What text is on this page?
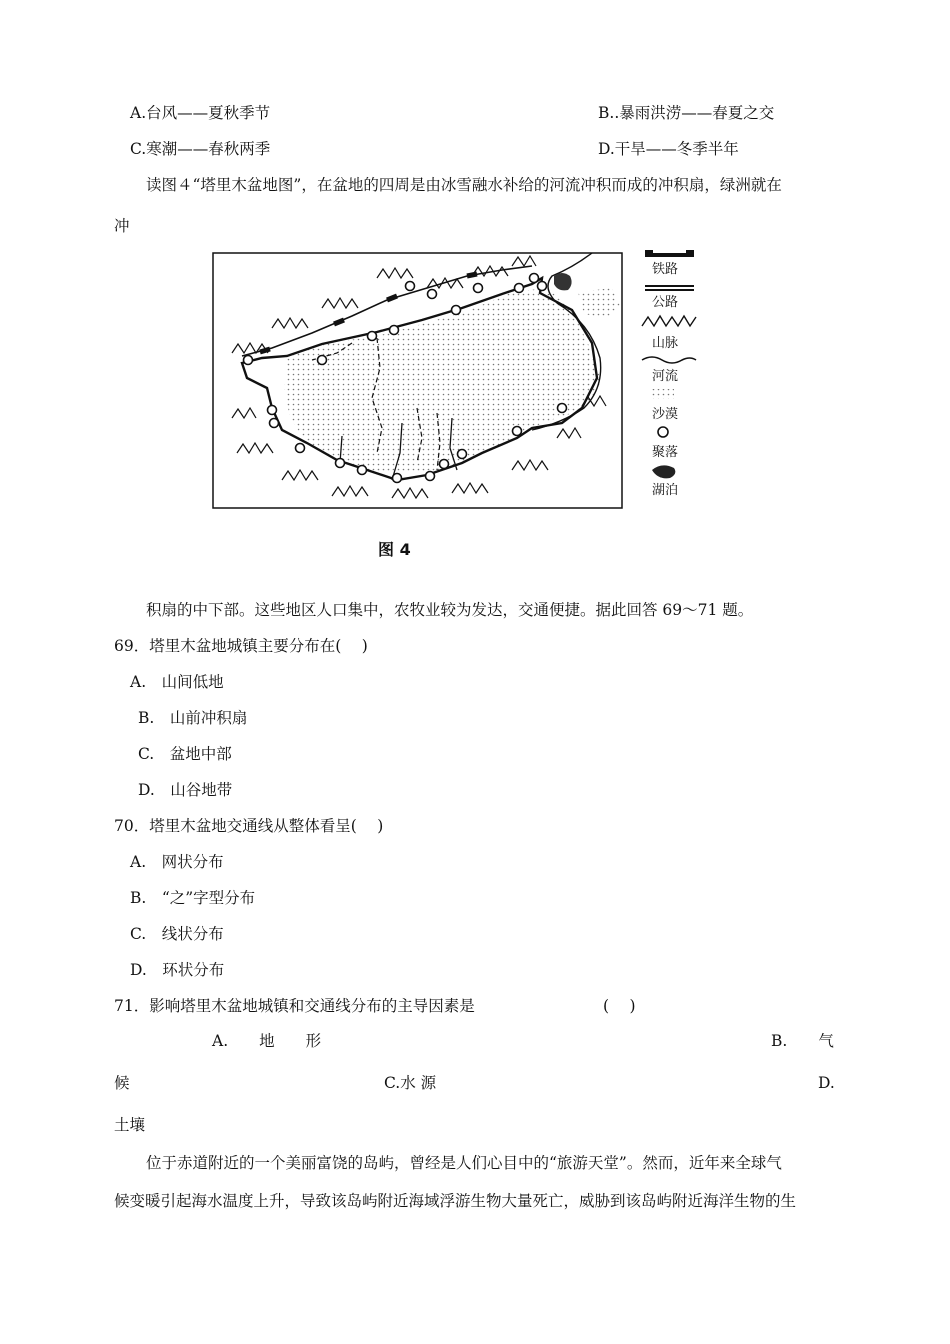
A.台风——夏秋季节	B..暴雨洪涝——春夏之交
C.寒潮——春秋两季	D.干旱——冬季半年
读图４“塔里木盆地图”，在盆地的四周是由冰雪融水补给的河流冲积而成的冲积扇，绿洲就在
冲
铁路
公路
山脉
河流
沙漠
聚落
湖泊
图 4
积扇的中下部。这些地区人口集中，农牧业较为发达，交通便捷。据此回答 69～71 题。
69．塔里木盆地城镇主要分布在(　 )
A.　山间低地
B.　山前冲积扇
C.　盆地中部
D.　山谷地带
70．塔里木盆地交通线从整体看呈(　 )
A.　网状分布
B.　“之”字型分布
C.　线状分布
D.　环状分布
71．影响塔里木盆地城镇和交通线分布的主导因素是	(　 )
A.　　地　　形	B.　　气
候	C.水 源	D.
土壤
位于赤道附近的一个美丽富饶的岛屿，曾经是人们心目中的“旅游天堂”。然而，近年来全球气
候变暖引起海水温度上升，导致该岛屿附近海域浮游生物大量死亡，威胁到该岛屿附近海洋生物的生
